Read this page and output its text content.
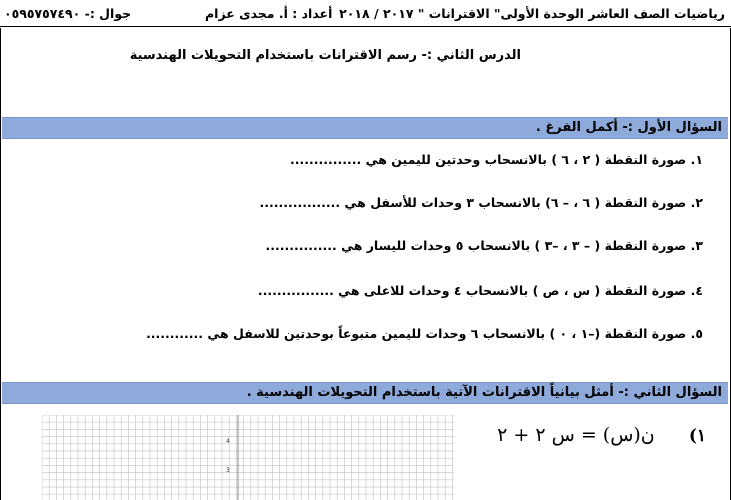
رياضيات الصف العاشر الوحدة الأولى" الاقترانات " ٢٠١٧ / ٢٠١٨
أعداد : أ. مجدى عزام
جوال :- ٠٥٩٥٧٥٧٤٩٠
الدرس الثاني :- رسم الاقترانات باستخدام التحويلات الهندسية
السؤال الأول :- أكمل الفرغ .
١. صورة النقطة ( ٢ ، ٦ ) بالانسحاب وحدتين لليمين هي ...............
٢. صورة النقطة ( ٦ ، – ٦) بالانسحاب ٣ وحدات للأسفل هي .................
٣. صورة النقطة ( – ٣ ، –٣ ) بالانسحاب ٥ وحدات لليسار هي ...............
٤. صورة النقطة ( س ، ص ) بالانسحاب ٤ وحدات للاعلى هي ................
٥. صورة النقطة (–١ ، ٠ ) بالانسحاب ٦ وحدات لليمين متبوعاً بوحدتين للاسفل هي ............
السؤال الثاني :- أمثل بيانياً الاقترانات الآتية باستخدام التحويلات الهندسية .
١) ن(س) = س ٢ + ٢
4
3
